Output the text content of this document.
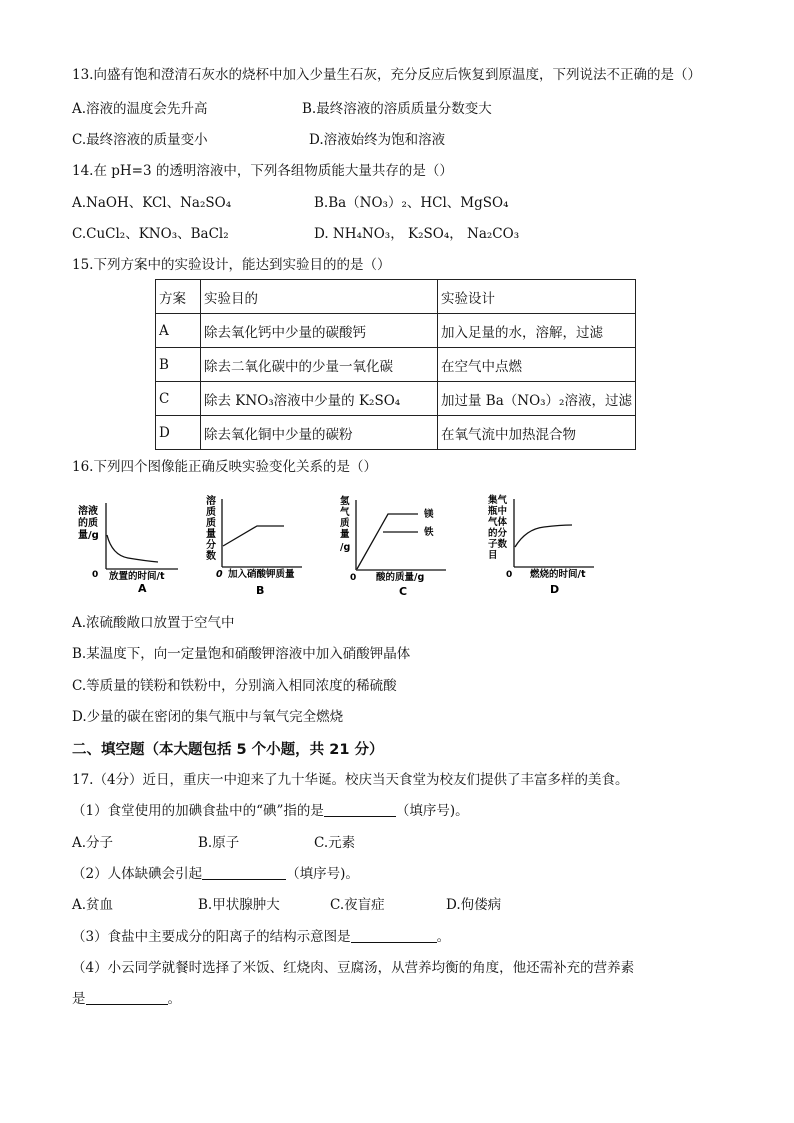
13.向盛有饱和澄清石灰水的烧杯中加入少量生石灰，充分反应后恢复到原温度，下列说法不正确的是（）
A.溶液的温度会先升高	B.最终溶液的溶质质量分数变大
C.最终溶液的质量变小	D.溶液始终为饱和溶液
14.在 pH=3 的透明溶液中，下列各组物质能大量共存的是（）
A.NaOH、KCl、Na₂SO₄	B.Ba（NO₃）₂、HCl、MgSO₄
C.CuCl₂、KNO₃、BaCl₂	D. NH₄NO₃， K₂SO₄， Na₂CO₃
15.下列方案中的实验设计，能达到实验目的的是（）
方案	实验目的	实验设计
A	除去氧化钙中少量的碳酸钙	加入足量的水，溶解，过滤
B	除去二氧化碳中的少量一氧化碳	在空气中点燃
C	除去 KNO₃溶液中少量的 K₂SO₄	加过量 Ba（NO₃）₂溶液，过滤
D	除去氧化铜中少量的碳粉	在氧气流中加热混合物
16.下列四个图像能正确反映实验变化关系的是（）
溶液
的质
量/g
0 放置的时间/t
A
溶
质
质
量
分
数
0 加入硝酸钾质量
B
氢
气
质
量
/g
镁
铁
0 酸的质量/g
C
集气
瓶中
气体
的分
子数
目
0 燃烧的时间/t
D
A.浓硫酸敞口放置于空气中
B.某温度下，向一定量饱和硝酸钾溶液中加入硝酸钾晶体
C.等质量的镁粉和铁粉中，分别滴入相同浓度的稀硫酸
D.少量的碳在密闭的集气瓶中与氧气完全燃烧
二、填空题（本大题包括 5 个小题，共 21 分）
17.（4分）近日，重庆一中迎来了九十华诞。校庆当天食堂为校友们提供了丰富多样的美食。
（1）食堂使用的加碘食盐中的“碘”指的是	（填序号)。
A.分子	B.原子	C.元素
（2）人体缺碘会引起	（填序号)。
A.贫血	B.甲状腺肿大	C.夜盲症	D.佝偻病
（3）食盐中主要成分的阳离子的结构示意图是	。
（4）小云同学就餐时选择了米饭、红烧肉、豆腐汤，从营养均衡的角度，他还需补充的营养素
是	。
